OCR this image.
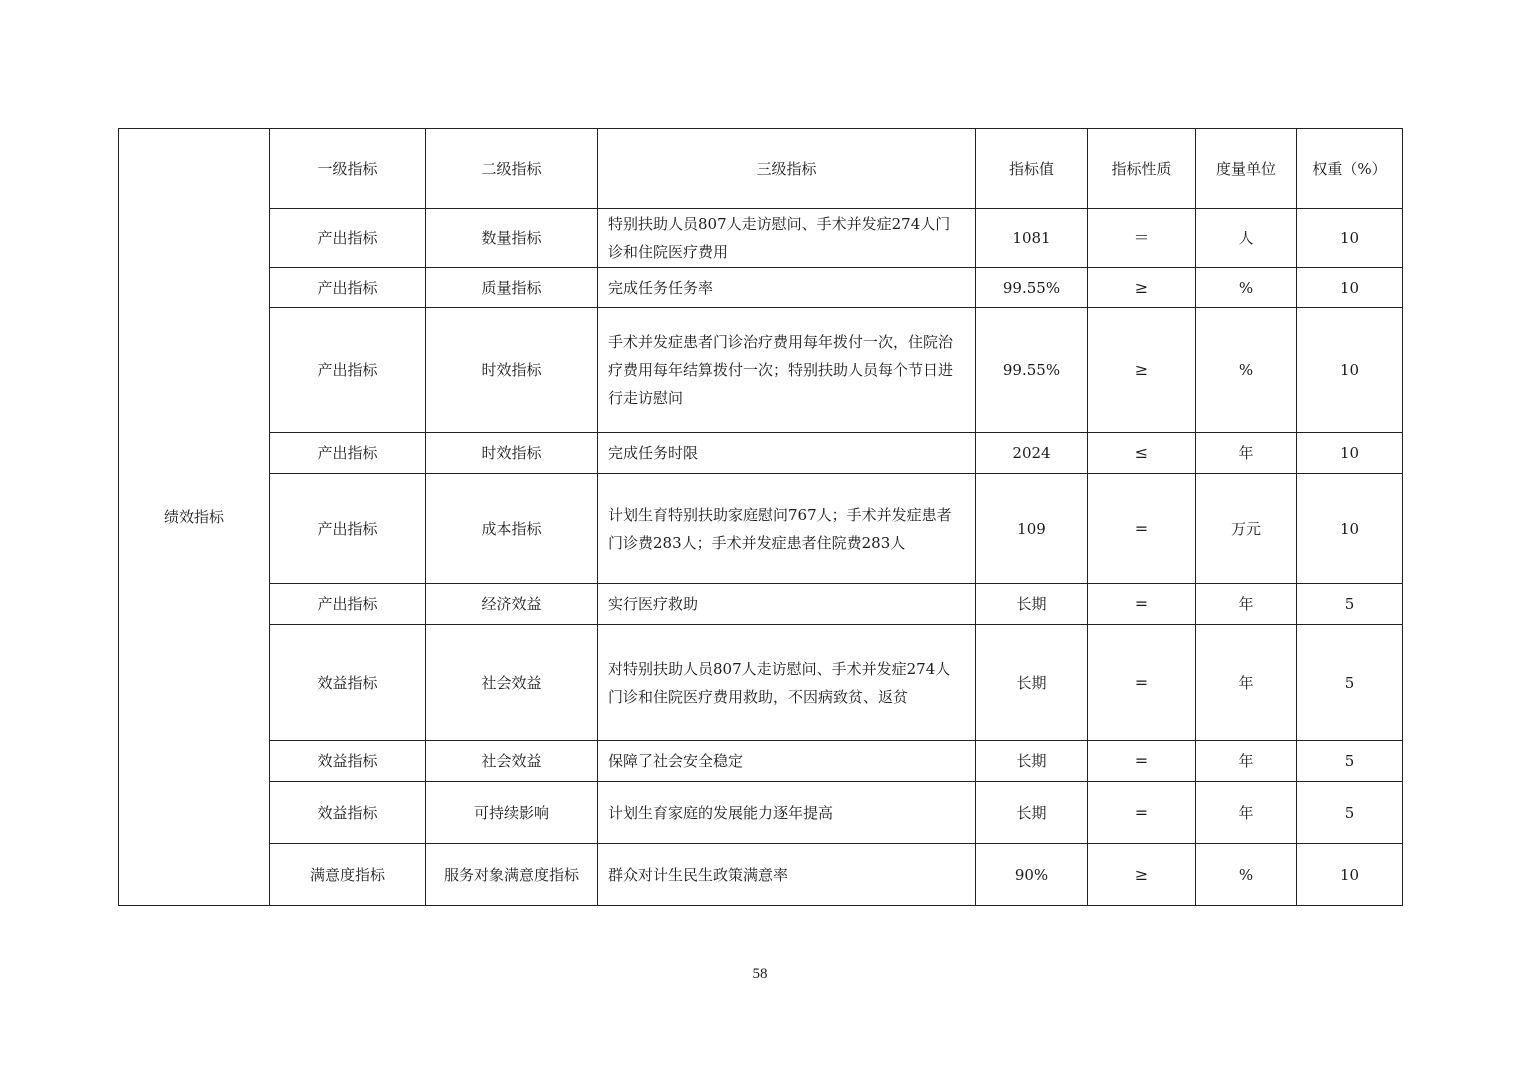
绩效指标	一级指标	二级指标	三级指标	指标值	指标性质	度量单位	权重（%）
	产出指标	数量指标	特别扶助人员807人走访慰问、手术并发症274人门诊和住院医疗费用	1081	＝	人	10
	产出指标	质量指标	完成任务任务率	99.55%	≥	%	10
	产出指标	时效指标	手术并发症患者门诊治疗费用每年拨付一次，住院治疗费用每年结算拨付一次；特别扶助人员每个节日进行走访慰问	99.55%	≥	%	10
	产出指标	时效指标	完成任务时限	2024	≤	年	10
	产出指标	成本指标	计划生育特别扶助家庭慰问767人；手术并发症患者门诊费283人；手术并发症患者住院费283人	109	=	万元	10
	产出指标	经济效益	实行医疗救助	长期	=	年	5
	效益指标	社会效益	对特别扶助人员807人走访慰问、手术并发症274人门诊和住院医疗费用救助，不因病致贫、返贫	长期	=	年	5
	效益指标	社会效益	保障了社会安全稳定	长期	=	年	5
	效益指标	可持续影响	计划生育家庭的发展能力逐年提高	长期	=	年	5
	满意度指标	服务对象满意度指标	群众对计生民生政策满意率	90%	≥	%	10
58
